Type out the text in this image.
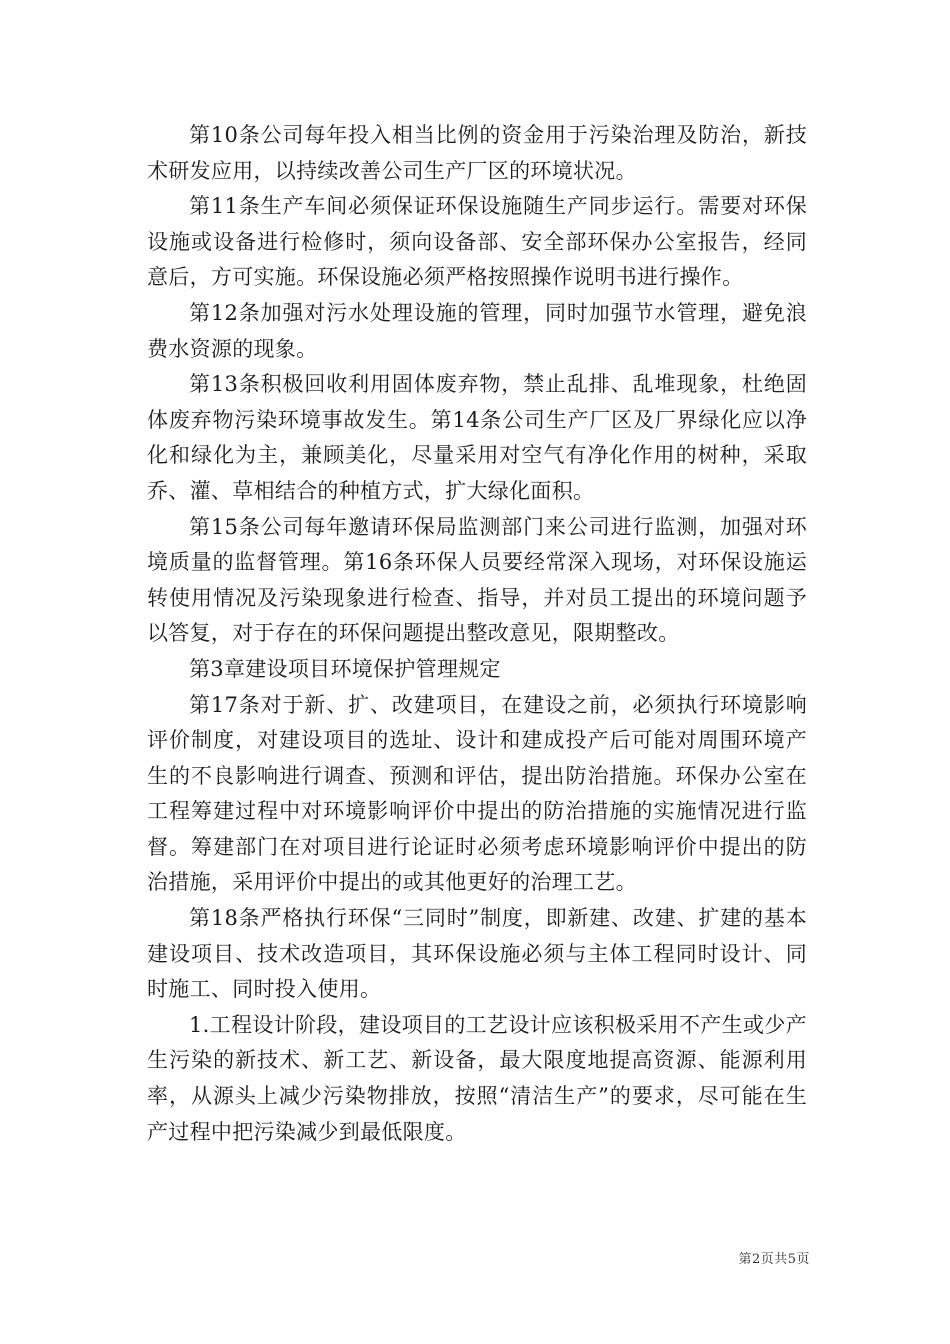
第10条公司每年投入相当比例的资金用于污染治理及防治，新技术研发应用，以持续改善公司生产厂区的环境状况。

第11条生产车间必须保证环保设施随生产同步运行。需要对环保设施或设备进行检修时，须向设备部、安全部环保办公室报告，经同意后，方可实施。环保设施必须严格按照操作说明书进行操作。

第12条加强对污水处理设施的管理，同时加强节水管理，避免浪费水资源的现象。

第13条积极回收利用固体废弃物，禁止乱排、乱堆现象，杜绝固体废弃物污染环境事故发生。第14条公司生产厂区及厂界绿化应以净化和绿化为主，兼顾美化，尽量采用对空气有净化作用的树种，采取乔、灌、草相结合的种植方式，扩大绿化面积。

第15条公司每年邀请环保局监测部门来公司进行监测，加强对环境质量的监督管理。第16条环保人员要经常深入现场，对环保设施运转使用情况及污染现象进行检查、指导，并对员工提出的环境问题予以答复，对于存在的环保问题提出整改意见，限期整改。

第3章建设项目环境保护管理规定

第17条对于新、扩、改建项目，在建设之前，必须执行环境影响评价制度，对建设项目的选址、设计和建成投产后可能对周围环境产生的不良影响进行调查、预测和评估，提出防治措施。环保办公室在工程筹建过程中对环境影响评价中提出的防治措施的实施情况进行监督。筹建部门在对项目进行论证时必须考虑环境影响评价中提出的防治措施，采用评价中提出的或其他更好的治理工艺。

第18条严格执行环保“三同时”制度，即新建、改建、扩建的基本建设项目、技术改造项目，其环保设施必须与主体工程同时设计、同时施工、同时投入使用。

1.工程设计阶段，建设项目的工艺设计应该积极采用不产生或少产生污染的新技术、新工艺、新设备，最大限度地提高资源、能源利用率，从源头上减少污染物排放，按照“清洁生产”的要求，尽可能在生产过程中把污染减少到最低限度。

第2页共5页
